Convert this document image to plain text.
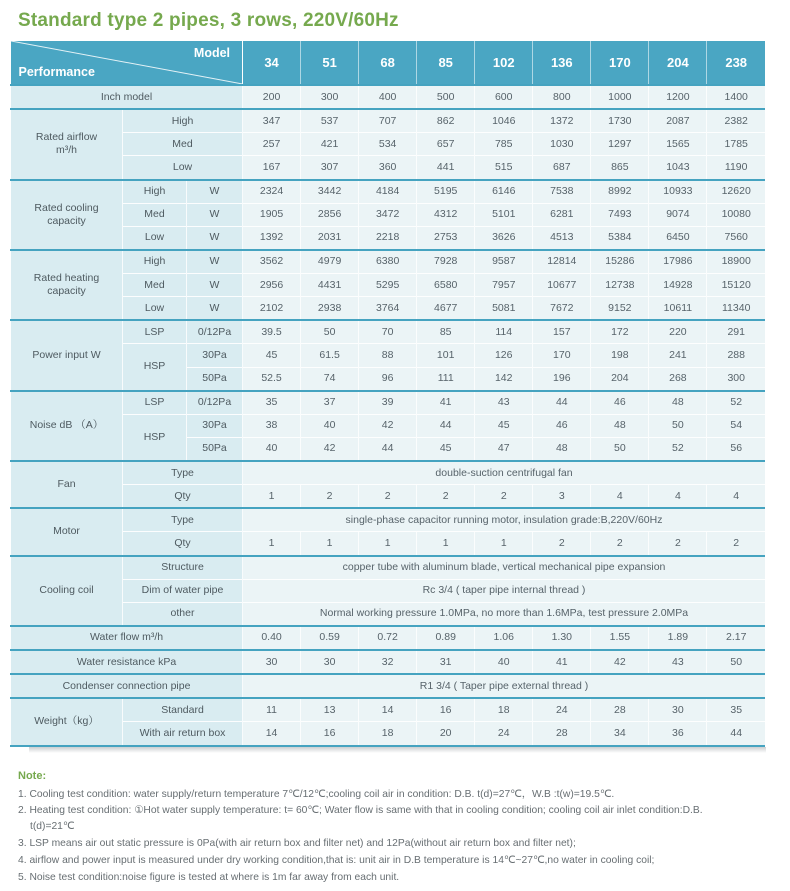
Standard type 2 pipes, 3 rows, 220V/60Hz
Model
Performance			34	51	68	85	102	136	170	204	238
Inch model			200	300	400	500	600	800	1000	1200	1400
Rated airflow
m³/h	High		347	537	707	862	1046	1372	1730	2087	2382
	Med		257	421	534	657	785	1030	1297	1565	1785
	Low		167	307	360	441	515	687	865	1043	1190
Rated cooling
capacity	High	W	2324	3442	4184	5195	6146	7538	8992	10933	12620
	Med	W	1905	2856	3472	4312	5101	6281	7493	9074	10080
	Low	W	1392	2031	2218	2753	3626	4513	5384	6450	7560
Rated heating
capacity	High	W	3562	4979	6380	7928	9587	12814	15286	17986	18900
	Med	W	2956	4431	5295	6580	7957	10677	12738	14928	15120
	Low	W	2102	2938	3764	4677	5081	7672	9152	10611	11340
Power input W	LSP	0/12Pa	39.5	50	70	85	114	157	172	220	291
	HSP	30Pa	45	61.5	88	101	126	170	198	241	288
		50Pa	52.5	74	96	111	142	196	204	268	300
Noise dB （A）	LSP	0/12Pa	35	37	39	41	43	44	46	48	52
	HSP	30Pa	38	40	42	44	45	46	48	50	54
		50Pa	40	42	44	45	47	48	50	52	56
Fan	Type		double-suction centrifugal fan								
	Qty		1	2	2	2	2	3	4	4	4
Motor	Type		single-phase capacitor running motor, insulation grade:B,220V/60Hz								
	Qty		1	1	1	1	1	2	2	2	2
Cooling coil	Structure		copper tube with aluminum blade, vertical mechanical pipe expansion								
	Dim of water pipe		Rc 3/4 ( taper pipe internal thread )								
	other		Normal working pressure 1.0MPa, no more than 1.6MPa, test pressure 2.0MPa								
Water flow m³/h			0.40	0.59	0.72	0.89	1.06	1.30	1.55	1.89	2.17
Water resistance kPa			30	30	32	31	40	41	42	43	50
Condenser connection pipe			R1 3/4 ( Taper pipe external thread )								
Weight（kg）	Standard		11	13	14	16	18	24	28	30	35
	With air return box		14	16	18	20	24	28	34	36	44
Note:
1. Cooling test condition: water supply/return temperature 7℃/12℃;cooling coil air in condition: D.B. t(d)=27℃，W.B :t(w)=19.5℃.
2. Heating test condition: ①Hot water supply temperature: t= 60℃; Water flow is same with that in cooling condition; cooling coil air inlet condition:D.B. t(d)=21℃
3. LSP means air out static pressure is 0Pa(with air return box and filter net) and 12Pa(without air return box and filter net);
4. airflow and power input is measured under dry working condition,that is: unit air in D.B temperature is 14℃~27℃,no water in cooling coil;
5. Noise test condition:noise figure is tested at where is 1m far away from each unit.
